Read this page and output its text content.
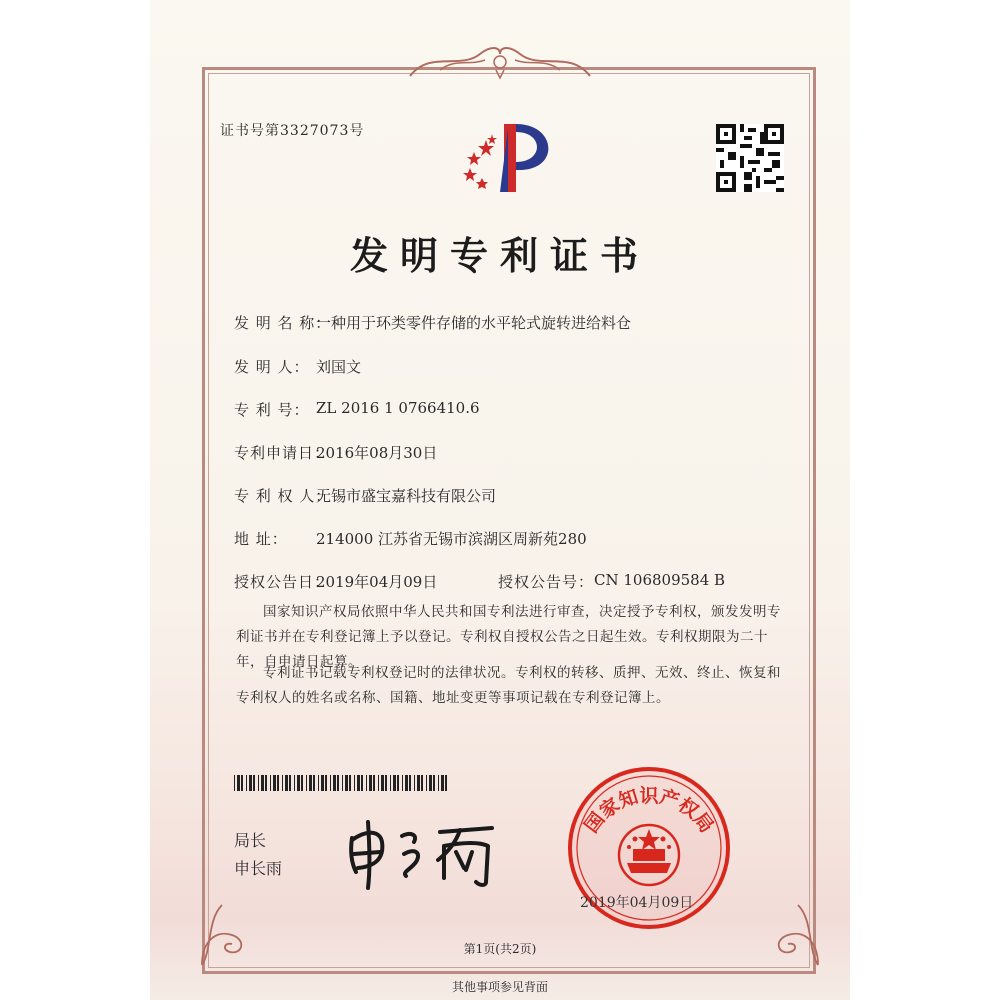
证书号第3327073号
发明专利证书
发 明 名 称：
一种用于环类零件存储的水平轮式旋转进给料仓
发 明 人： 刘国文
专 利 号： ZL 2016 1 0766410.6
专利申请日：
2016年08月30日
专 利 权 人：
无锡市盛宝嘉科技有限公司
地 址： 214000 江苏省无锡市滨湖区周新苑280
授权公告日：
2019年04月09日	授权公告号： CN 106809584 B
国家知识产权局依照中华人民共和国专利法进行审查，决定授予专利权，颁发发明专利证书并在专利登记簿上予以登记。专利权自授权公告之日起生效。专利权期限为二十年，自申请日起算。
专利证书记载专利权登记时的法律状况。专利权的转移、质押、无效、终止、恢复和专利权人的姓名或名称、国籍、地址变更等事项记载在专利登记簿上。
局长
申长雨
国家知识产权局
2019年04月09日
第1页(共2页)
其他事项参见背面
